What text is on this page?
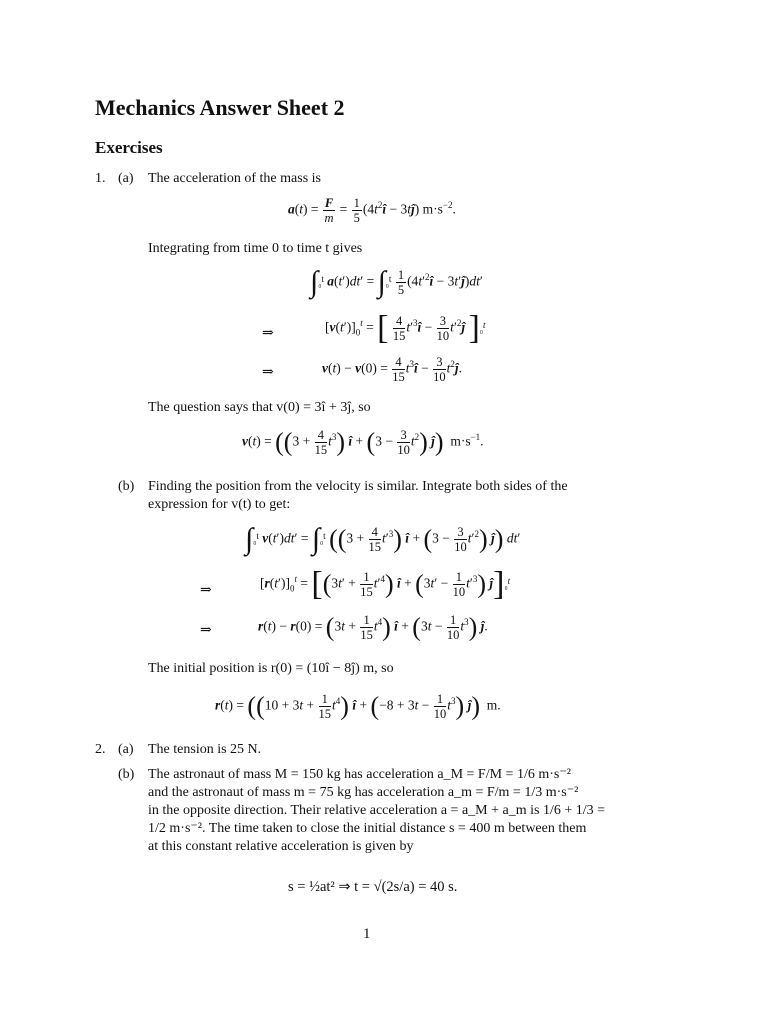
Mechanics Answer Sheet 2
Exercises
1. (a) The acceleration of the mass is
$a(t) = \frac{F}{m} = \frac{1}{5}$ ($4t^2î$ − 3tĵ) $m\cdot s^{-2}$.
Integrating from time 0 to time t gives
∫₀$^t$ $a(t')dt' = \int_0^t \frac{1}{5}$ ($4t'^2î$ − 3t′ĵ)dt′
⇒	$[v(t')]_0^t$ = [ $\frac{4}{15}$ $t'^3î - \frac{3}{10}$ $t'^2ĵ$ ]₀$^t$
⇒	$v(t) - v(0) = \frac{4}{15}$ $t^3î - \frac{3}{10}$ $t^2ĵ$.
The question says that v(0) = 3î + 3ĵ, so
$v(t) = ((3 + \frac{4}{15} t^3)$ î + $(3 - \frac{3}{10} t^2)$ ĵ)  $m\cdot s^{-1}$.
(b) Finding the position from the velocity is similar. Integrate both sides of the
expression for v(t) to get:
∫₀$^t$ v(t′)dt′ = ∫₀$^t$ ($(3 + \frac{4}{15} t'^3)$ î + $(3 - \frac{3}{10} t'^2)$ ĵ) dt′
⇒	$[r(t')]_0^t = [(3t' + \frac{1}{15} t'^4)$ î + $(3t' - \frac{1}{10} t'^3)$ ĵ]₀$^t$
⇒	$r(t) - r(0) = (3t + \frac{1}{15} t^4)$ î + $(3t - \frac{1}{10} t^3)$ ĵ.
The initial position is r(0) = (10î − 8ĵ) m, so
$r(t) = ((10 + 3t + \frac{1}{15} t^4)$ î + $(-8 + 3t - \frac{1}{10} t^3)$ ĵ)  m.
2. (a) The tension is 25 N.
(b) The astronaut of mass M = 150 kg has acceleration a_M = F/M = 1/6 m·s⁻²
and the astronaut of mass m = 75 kg has acceleration a_m = F/m = 1/3 m·s⁻²
in the opposite direction. Their relative acceleration a = a_M + a_m is 1/6 + 1/3 =
1/2 m·s⁻². The time taken to close the initial distance s = 400 m between them
at this constant relative acceleration is given by
s = ½at² ⇒ t = √(2s/a) = 40 s.
1
